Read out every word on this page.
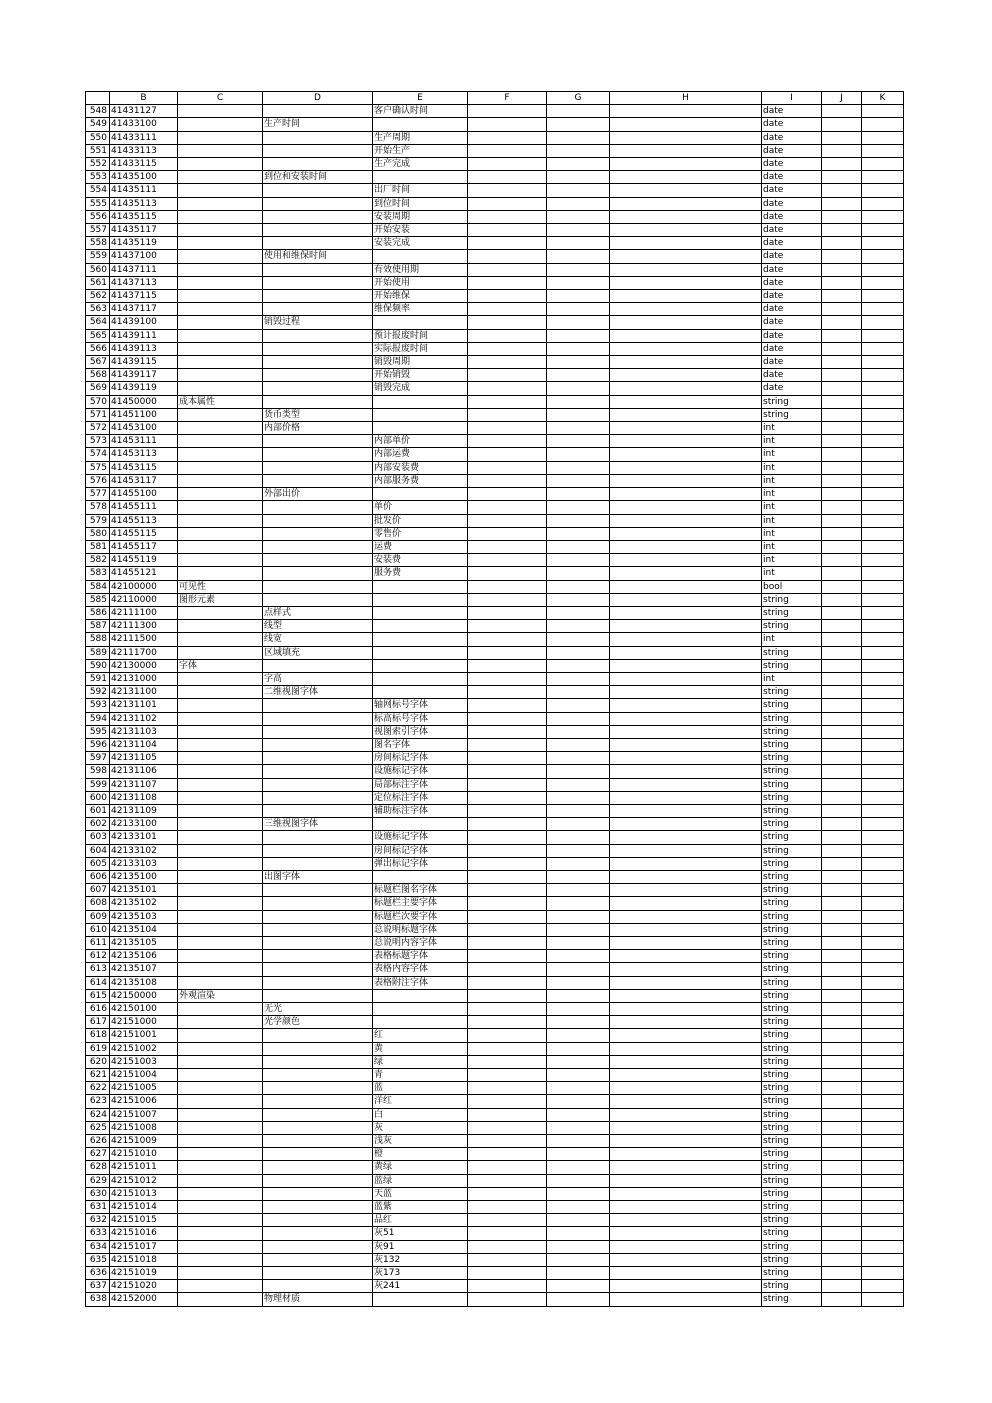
	B	C	D	E	F	G	H	I	J	K
548	41431127			客户确认时间				date		
549	41433100		生产时间					date		
550	41433111			生产周期				date		
551	41433113			开始生产				date		
552	41433115			生产完成				date		
553	41435100		到位和安装时间					date		
554	41435111			出厂时间				date		
555	41435113			到位时间				date		
556	41435115			安装周期				date		
557	41435117			开始安装				date		
558	41435119			安装完成				date		
559	41437100		使用和维保时间					date		
560	41437111			有效使用期				date		
561	41437113			开始使用				date		
562	41437115			开始维保				date		
563	41437117			维保频率				date		
564	41439100		销毁过程					date		
565	41439111			预计报废时间				date		
566	41439113			实际报废时间				date		
567	41439115			销毁周期				date		
568	41439117			开始销毁				date		
569	41439119			销毁完成				date		
570	41450000	成本属性						string		
571	41451100		货币类型					string		
572	41453100		内部价格					int		
573	41453111			内部单价				int		
574	41453113			内部运费				int		
575	41453115			内部安装费				int		
576	41453117			内部服务费				int		
577	41455100		外部出价					int		
578	41455111			单价				int		
579	41455113			批发价				int		
580	41455115			零售价				int		
581	41455117			运费				int		
582	41455119			安装费				int		
583	41455121			服务费				int		
584	42100000	可见性						bool		
585	42110000	图形元素						string		
586	42111100		点样式					string		
587	42111300		线型					string		
588	42111500		线宽					int		
589	42111700		区域填充					string		
590	42130000	字体						string		
591	42131000		字高					int		
592	42131100		二维视图字体					string		
593	42131101			轴网标号字体				string		
594	42131102			标高标号字体				string		
595	42131103			视图索引字体				string		
596	42131104			图名字体				string		
597	42131105			房间标记字体				string		
598	42131106			设施标记字体				string		
599	42131107			局部标注字体				string		
600	42131108			定位标注字体				string		
601	42131109			辅助标注字体				string		
602	42133100		三维视图字体					string		
603	42133101			设施标记字体				string		
604	42133102			房间标记字体				string		
605	42133103			弹出标记字体				string		
606	42135100		出图字体					string		
607	42135101			标题栏图名字体				string		
608	42135102			标题栏主要字体				string		
609	42135103			标题栏次要字体				string		
610	42135104			总说明标题字体				string		
611	42135105			总说明内容字体				string		
612	42135106			表格标题字体				string		
613	42135107			表格内容字体				string		
614	42135108			表格附注字体				string		
615	42150000	外观渲染						string		
616	42150100		无光					string		
617	42151000		光学颜色					string		
618	42151001			红				string		
619	42151002			黄				string		
620	42151003			绿				string		
621	42151004			青				string		
622	42151005			蓝				string		
623	42151006			洋红				string		
624	42151007			白				string		
625	42151008			灰				string		
626	42151009			浅灰				string		
627	42151010			橙				string		
628	42151011			黄绿				string		
629	42151012			蓝绿				string		
630	42151013			天蓝				string		
631	42151014			蓝紫				string		
632	42151015			品红				string		
633	42151016			灰51				string		
634	42151017			灰91				string		
635	42151018			灰132				string		
636	42151019			灰173				string		
637	42151020			灰241				string		
638	42152000		物理材质					string		
